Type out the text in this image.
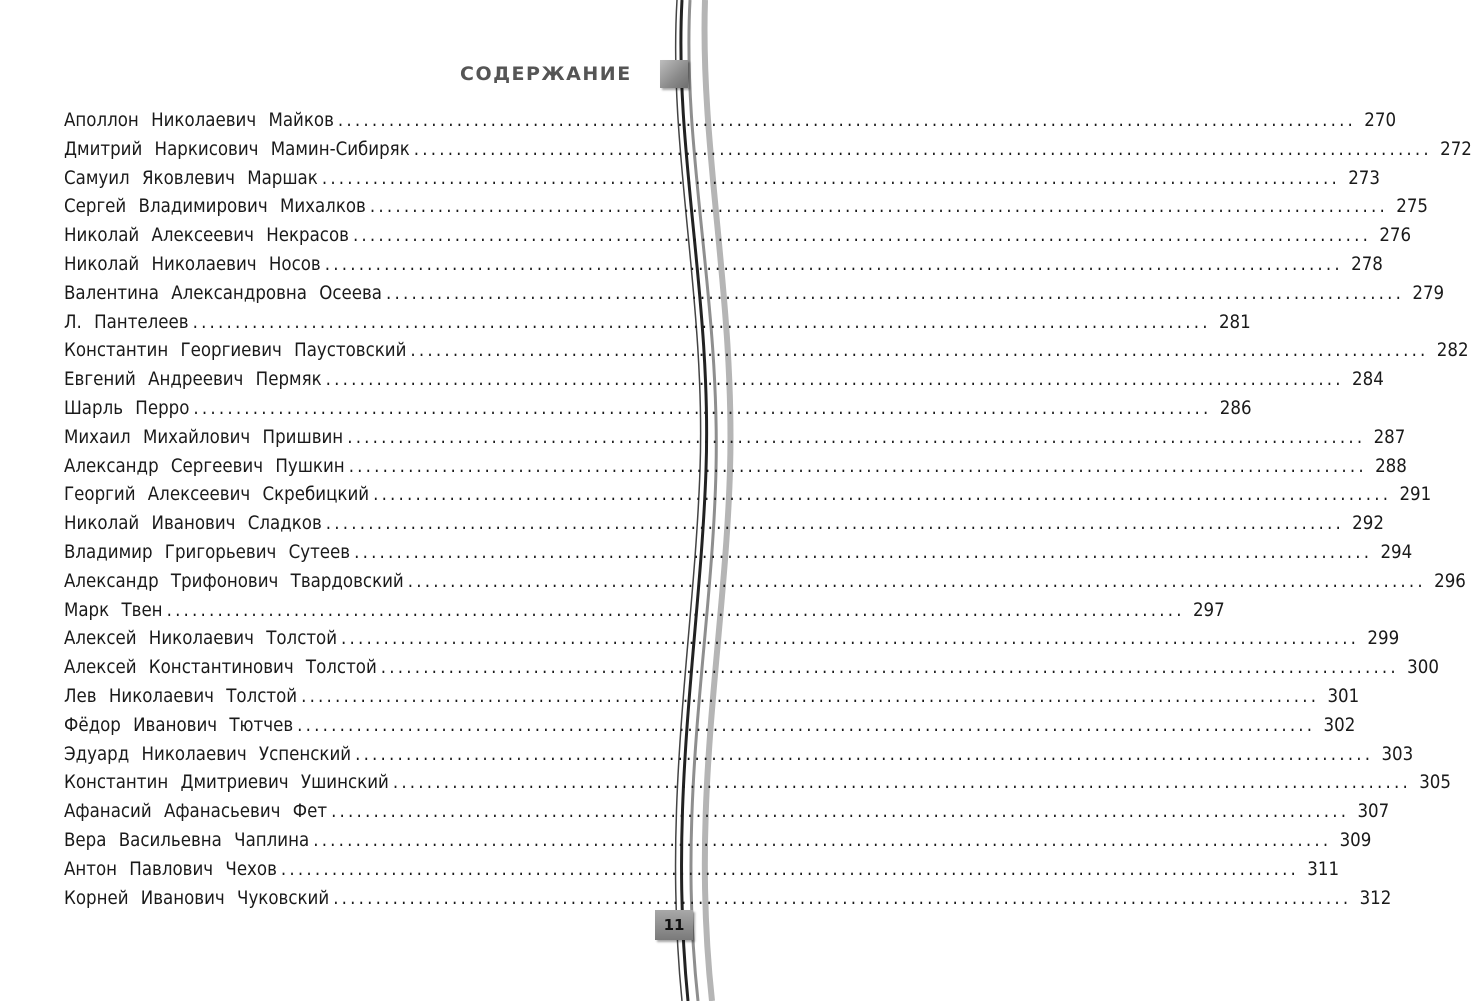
СОДЕРЖАНИЕ
Аполлон Николаевич Майков ........................................................................................................................ 270
Дмитрий Наркисович Мамин-Сибиряк ........................................................................................................................ 272
Самуил Яковлевич Маршак ........................................................................................................................ 273
Сергей Владимирович Михалков ........................................................................................................................ 275
Николай Алексеевич Некрасов ........................................................................................................................ 276
Николай Николаевич Носов ........................................................................................................................ 278
Валентина Александровна Осеева ........................................................................................................................ 279
Л. Пантелеев ........................................................................................................................ 281
Константин Георгиевич Паустовский ........................................................................................................................ 282
Евгений Андреевич Пермяк ........................................................................................................................ 284
Шарль Перро ........................................................................................................................ 286
Михаил Михайлович Пришвин ........................................................................................................................ 287
Александр Сергеевич Пушкин ........................................................................................................................ 288
Георгий Алексеевич Скребицкий ........................................................................................................................ 291
Николай Иванович Сладков ........................................................................................................................ 292
Владимир Григорьевич Сутеев ........................................................................................................................ 294
Александр Трифонович Твардовский ........................................................................................................................ 296
Марк Твен ........................................................................................................................ 297
Алексей Николаевич Толстой ........................................................................................................................ 299
Алексей Константинович Толстой ........................................................................................................................ 300
Лев Николаевич Толстой ........................................................................................................................ 301
Фёдор Иванович Тютчев ........................................................................................................................ 302
Эдуард Николаевич Успенский ........................................................................................................................ 303
Константин Дмитриевич Ушинский ........................................................................................................................ 305
Афанасий Афанасьевич Фет ........................................................................................................................ 307
Вера Васильевна Чаплина ........................................................................................................................ 309
Антон Павлович Чехов ........................................................................................................................ 311
Корней Иванович Чуковский ........................................................................................................................ 312
11
